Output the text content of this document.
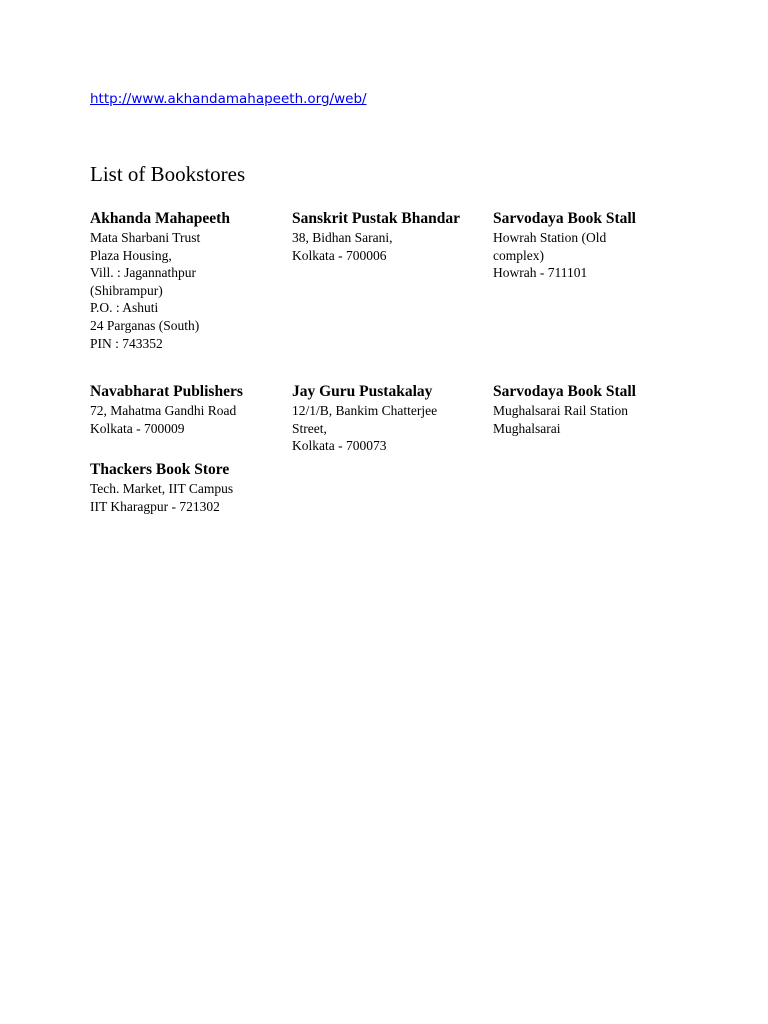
http://www.akhandamahapeeth.org/web/
List of Bookstores
Akhanda Mahapeeth
Mata Sharbani Trust
Plaza Housing,
Vill. : Jagannathpur
(Shibrampur)
P.O. : Ashuti
24 Parganas (South)
PIN : 743352
Sanskrit Pustak Bhandar
38, Bidhan Sarani,
Kolkata - 700006
Sarvodaya Book Stall
Howrah Station (Old
complex)
Howrah - 711101
Navabharat Publishers
72, Mahatma Gandhi Road
Kolkata - 700009
Jay Guru Pustakalay
12/1/B, Bankim Chatterjee
Street,
Kolkata - 700073
Sarvodaya Book Stall
Mughalsarai Rail Station
Mughalsarai
Thackers Book Store
Tech. Market, IIT Campus
IIT Kharagpur - 721302
